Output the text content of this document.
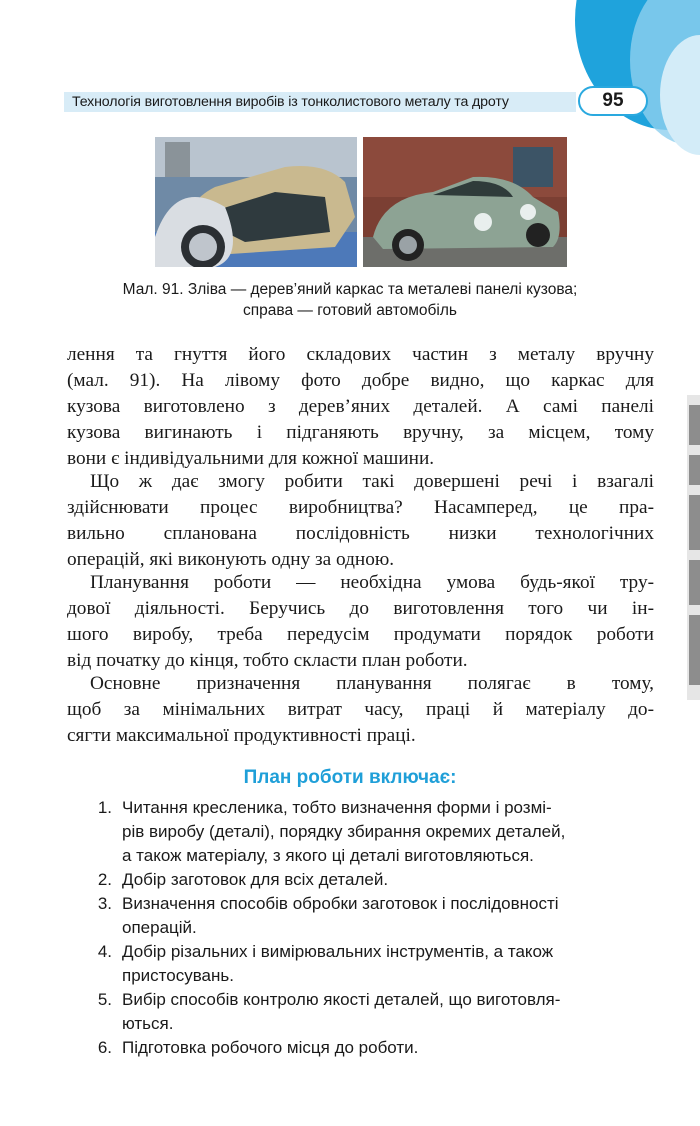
Технологія виготовлення виробів із тонколистового металу та дроту	95
Мал. 91. Зліва — дерев’яний каркас та металеві панелі кузова;
справа — готовий автомобіль
лення та гнуття його складових частин з металу вручну
(мал. 91). На лівому фото добре видно, що каркас для
кузова виготовлено з дерев’яних деталей. А самі панелі
кузова вигинають і підганяють вручну, за місцем, тому
вони є індивідуальними для кожної машини.
Що ж дає змогу робити такі довершені речі і взагалі
здійснювати процес виробництва? Насамперед, це пра-
вильно спланована послідовність низки технологічних
операцій, які виконують одну за одною.
Планування роботи — необхідна умова будь-якої тру-
дової діяльності. Беручись до виготовлення того чи ін-
шого виробу, треба передусім продумати порядок роботи
від початку до кінця, тобто скласти план роботи.
Основне призначення планування полягає в тому,
щоб за мінімальних витрат часу, праці й матеріалу до-
сягти максимальної продуктивності праці.
План роботи включає:
1. Читання кресленика, тобто визначення форми і розмі-
рів виробу (деталі), порядку збирання окремих деталей,
а також матеріалу, з якого ці деталі виготовляються.
2. Добір заготовок для всіх деталей.
3. Визначення способів обробки заготовок і послідовності
операцій.
4. Добір різальних і вимірювальних інструментів, а також
пристосувань.
5. Вибір способів контролю якості деталей, що виготовля-
ються.
6. Підготовка робочого місця до роботи.
